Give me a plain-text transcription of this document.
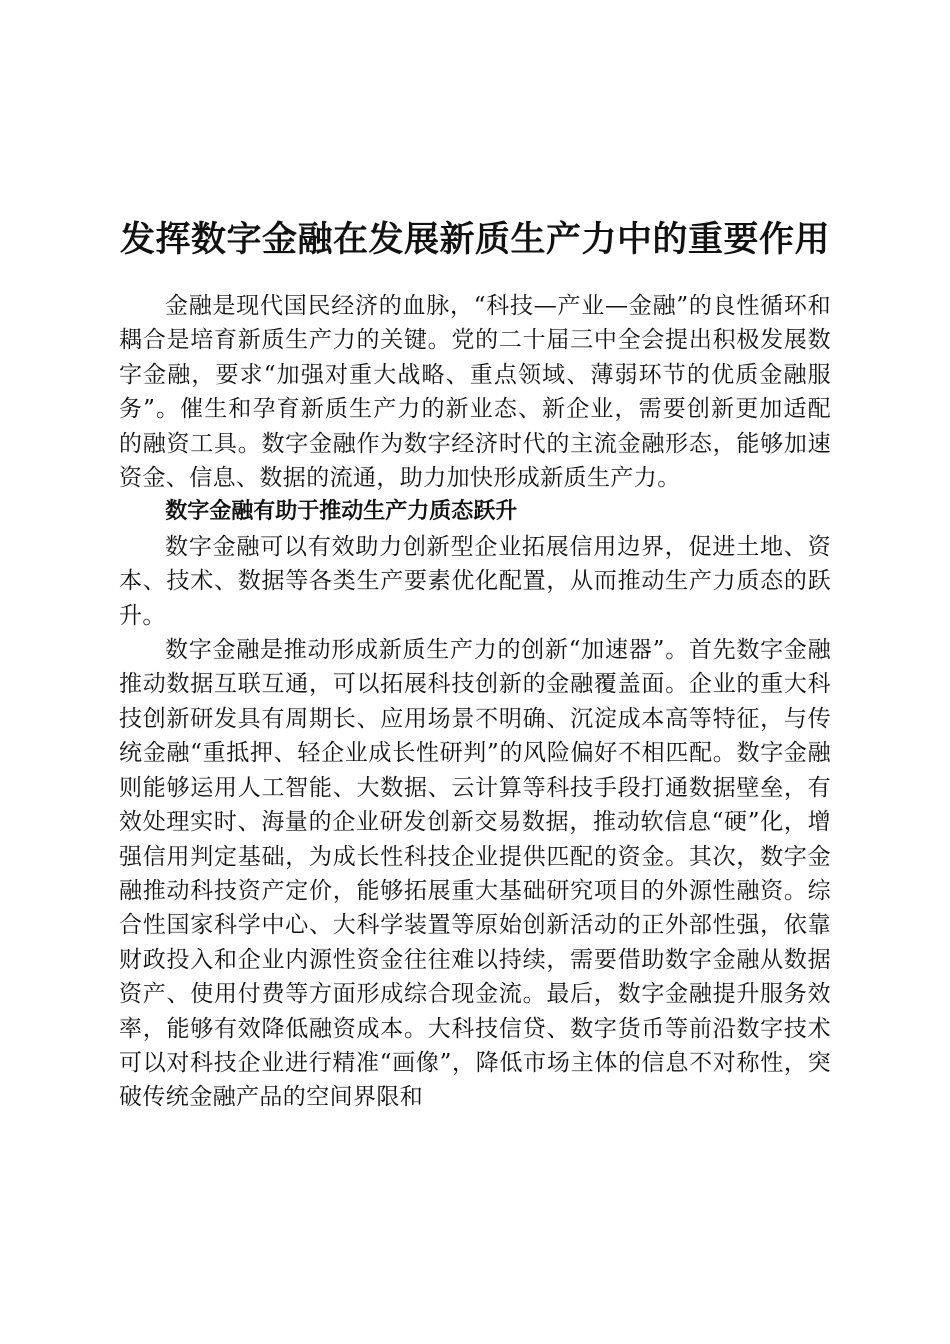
发挥数字金融在发展新质生产力中的重要作用

金融是现代国民经济的血脉，“科技—产业—金融”的良性循环和耦合是培育新质生产力的关键。党的二十届三中全会提出积极发展数字金融，要求“加强对重大战略、重点领域、薄弱环节的优质金融服务”。催生和孕育新质生产力的新业态、新企业，需要创新更加适配的融资工具。数字金融作为数字经济时代的主流金融形态，能够加速资金、信息、数据的流通，助力加快形成新质生产力。

数字金融有助于推动生产力质态跃升

数字金融可以有效助力创新型企业拓展信用边界，促进土地、资本、技术、数据等各类生产要素优化配置，从而推动生产力质态的跃升。

数字金融是推动形成新质生产力的创新“加速器”。首先数字金融推动数据互联互通，可以拓展科技创新的金融覆盖面。企业的重大科技创新研发具有周期长、应用场景不明确、沉淀成本高等特征，与传统金融“重抵押、轻企业成长性研判”的风险偏好不相匹配。数字金融则能够运用人工智能、大数据、云计算等科技手段打通数据壁垒，有效处理实时、海量的企业研发创新交易数据，推动软信息“硬”化，增强信用判定基础，为成长性科技企业提供匹配的资金。其次，数字金融推动科技资产定价，能够拓展重大基础研究项目的外源性融资。综合性国家科学中心、大科学装置等原始创新活动的正外部性强，依靠财政投入和企业内源性资金往往难以持续，需要借助数字金融从数据资产、使用付费等方面形成综合现金流。最后，数字金融提升服务效率，能够有效降低融资成本。大科技信贷、数字货币等前沿数字技术可以对科技企业进行精准“画像”，降低市场主体的信息不对称性，突破传统金融产品的空间界限和
